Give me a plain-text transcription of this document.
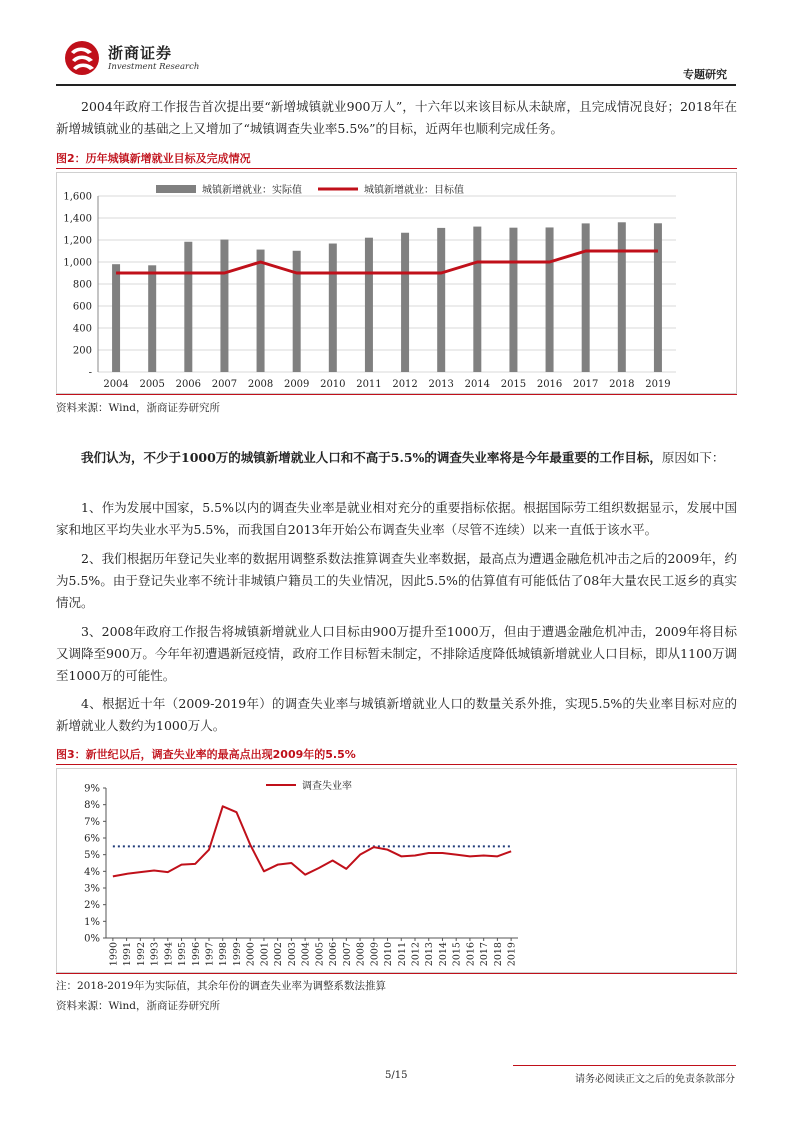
浙商证券
Investment Research
专题研究
2004年政府工作报告首次提出要“新增城镇就业900万人”，十六年以来该目标从未缺席，且完成情况良好；2018年在新增城镇就业的基础之上又增加了“城镇调查失业率5.5%”的目标，近两年也顺利完成任务。
图2：历年城镇新增就业目标及完成情况
-
200
400
600
800
1,000
1,200
1,400
1,600
2004 2005 2006 2007 2008 2009 2010 2011 2012 2013 2014 2015 2016 2017 2018 2019
城镇新增就业：实际值	城镇新增就业：目标值
资料来源：Wind，浙商证券研究所
我们认为，不少于1000万的城镇新增就业人口和不高于5.5%的调查失业率将是今年最重要的工作目标，原因如下：
1、作为发展中国家，5.5%以内的调查失业率是就业相对充分的重要指标依据。根据国际劳工组织数据显示，发展中国家和地区平均失业水平为5.5%，而我国自2013年开始公布调查失业率（尽管不连续）以来一直低于该水平。
2、我们根据历年登记失业率的数据用调整系数法推算调查失业率数据，最高点为遭遇金融危机冲击之后的2009年，约为5.5%。由于登记失业率不统计非城镇户籍员工的失业情况，因此5.5%的估算值有可能低估了08年大量农民工返乡的真实情况。
3、2008年政府工作报告将城镇新增就业人口目标由900万提升至1000万，但由于遭遇金融危机冲击，2009年将目标又调降至900万。今年年初遭遇新冠疫情，政府工作目标暂未制定，不排除适度降低城镇新增就业人口目标，即从1100万调至1000万的可能性。
4、根据近十年（2009-2019年）的调查失业率与城镇新增就业人口的数量关系外推，实现5.5%的失业率目标对应的新增就业人数约为1000万人。
图3：新世纪以后，调查失业率的最高点出现2009年的5.5%
0%
1%
2%
3%
4%
5%
6%
7%
8%
9%
1990 1991 1992 1993 1994 1995 1996 1997 1998 1999 2000 2001 2002 2003 2004 2005 2006 2007 2008 2009 2010 2011 2012 2013 2014 2015 2016 2017 2018 2019
调查失业率
注：2018-2019年为实际值，其余年份的调查失业率为调整系数法推算
资料来源：Wind，浙商证券研究所
5/15	请务必阅读正文之后的免责条款部分
